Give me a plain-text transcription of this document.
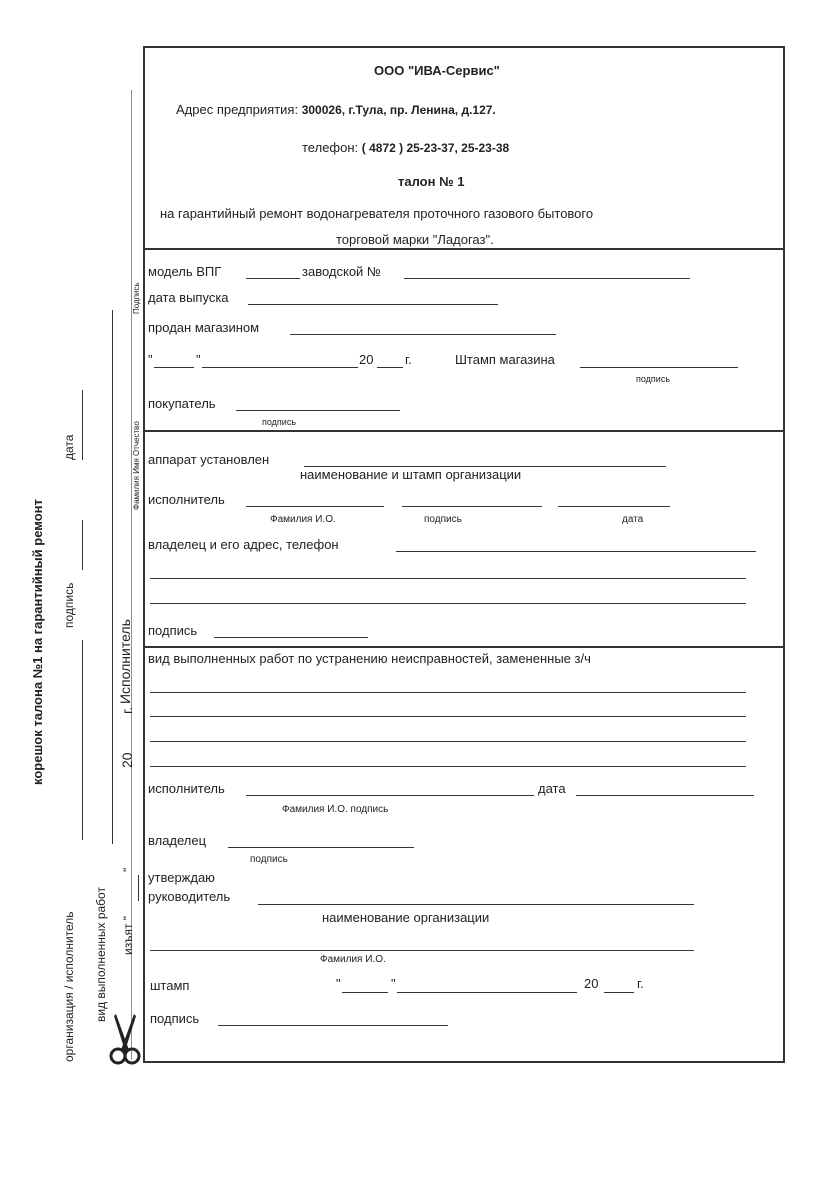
ООО "ИВА-Сервис"
Адрес предприятия: 300026, г.Тула, пр. Ленина, д.127.
телефон: ( 4872 ) 25-23-37, 25-23-38
талон № 1
на гарантийный ремонт водонагревателя проточного газового бытового
торговой марки "Ладогаз".
модель ВПГ	заводской №
дата выпуска
продан магазином
"	"	20 г.	Штамп магазина
подпись
покупатель
подпись
аппарат установлен
наименование и штамп организации
исполнитель
Фамилия И.О.	подпись	дата
владелец и его адрес, телефон
подпись
вид выполненных работ по устранению неисправностей, замененные з/ч
исполнитель	дата
Фамилия И.О. подпись
владелец
подпись
утверждаю
руководитель
наименование организации
Фамилия И.О.
штамп	"	"	20	г.
подпись
корешок талона №1 на гарантийный ремонт
дата
подпись
организация / исполнитель вид выполненных работ изъят "
"
20
г.
Исполнитель
Подпись
Фамилия Имя Отчество
